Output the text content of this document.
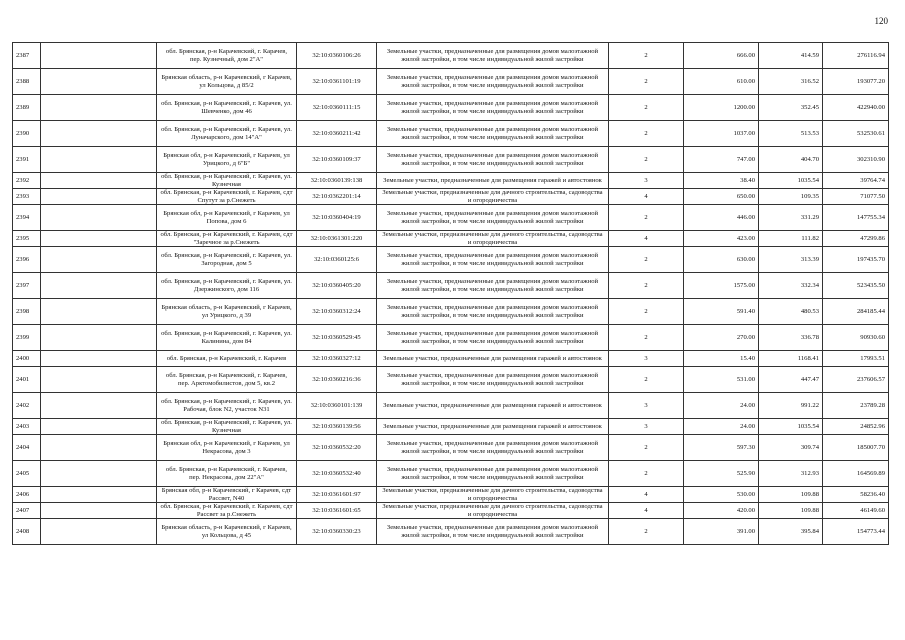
120
2387		обл. Брянская, р-н Карачевский, г. Карачев, пер. Кузнечный, дом 2"А"	32:10:0360106:26	Земельные участки, предназначенные для размещения домов малоэтажной жилой застройки, в том числе индивидуальной жилой застройки	2	666.00	414.59	276116.94
2388		Брянская область, р-н Карачевский, г Карачев, ул Кольцова, д 85/2	32:10:0361101:19	Земельные участки, предназначенные для размещения домов малоэтажной жилой застройки, в том числе индивидуальной жилой застройки	2	610.00	316.52	193077.20
2389		обл. Брянская, р-н Карачевский, г. Карачев, ул. Шевченко, дом 46	32:10:0360111:15	Земельные участки, предназначенные для размещения домов малоэтажной жилой застройки, в том числе индивидуальной жилой застройки	2	1200.00	352.45	422940.00
2390		обл. Брянская, р-н Карачевский, г. Карачев, ул. Луначарского, дом 14"А"	32:10:0360211:42	Земельные участки, предназначенные для размещения домов малоэтажной жилой застройки, в том числе индивидуальной жилой застройки	2	1037.00	513.53	532530.61
2391		Брянская обл, р-н Карачевский, г Карачев, ул Урицкого, д 6"Б"	32:10:0360109:37	Земельные участки, предназначенные для размещения домов малоэтажной жилой застройки, в том числе индивидуальной жилой застройки	2	747.00	404.70	302310.90
2392		обл. Брянская, р-н Карачевский, г. Карачев, ул. Кузнечная	32:10:0360139:138	Земельные участки, предназначенные для размещения гаражей и автостоянок	3	38.40	1035.54	39764.74
2393		обл. Брянская, р-н Карачевский, г. Карачев, сдт Спутут за р.Снежеть	32:10:0362201:14	Земельные участки, предназначенные для дачного строительства, садоводства и огородничества	4	650.00	109.35	71077.50
2394		Брянская обл, р-н Карачевский, г Карачев, ул Попова, дом 6	32:10:0360404:19	Земельные участки, предназначенные для размещения домов малоэтажной жилой застройки, в том числе индивидуальной жилой застройки	2	446.00	331.29	147755.34
2395		обл. Брянская, р-н Карачевский, г. Карачев, сдт "Заречное за р.Снежеть	32:10:0361301:220	Земельные участки, предназначенные для дачного строительства, садоводства и огородничества	4	423.00	111.82	47299.86
2396		обл. Брянская, р-н Карачевский, г. Карачев, ул. Загородная, дом 5	32:10:0360125:6	Земельные участки, предназначенные для размещения домов малоэтажной жилой застройки, в том числе индивидуальной жилой застройки	2	630.00	313.39	197435.70
2397		обл. Брянская, р-н Карачевский, г. Карачев, ул. Дзержинского, дом 116	32:10:0360405:20	Земельные участки, предназначенные для размещения домов малоэтажной жилой застройки, в том числе индивидуальной жилой застройки	2	1575.00	332.34	523435.50
2398		Брянская область, р-н Карачевский, г Карачев, ул Урицкого, д 39	32:10:0360312:24	Земельные участки, предназначенные для размещения домов малоэтажной жилой застройки, в том числе индивидуальной жилой застройки	2	591.40	480.53	284185.44
2399		обл. Брянская, р-н Карачевский, г. Карачев, ул. Калинина, дом 84	32:10:0360529:45	Земельные участки, предназначенные для размещения домов малоэтажной жилой застройки, в том числе индивидуальной жилой застройки	2	270.00	336.78	90930.60
2400		обл. Брянская, р-н Карачевский, г. Карачев	32:10:0360327:12	Земельные участки, предназначенные для размещения гаражей и автостоянок	3	15.40	1168.41	17993.51
2401		обл. Брянская, р-н Карачевский, г. Карачев, пер. Арктомобилистов, дом 5, кв.2	32:10:0360216:36	Земельные участки, предназначенные для размещения домов малоэтажной жилой застройки, в том числе индивидуальной жилой застройки	2	531.00	447.47	237606.57
2402		обл. Брянская, р-н Карачевский, г. Карачев, ул. Рабочая, блок N2, участок N31	32:10:0360101:139	Земельные участки, предназначенные для размещения гаражей и автостоянок	3	24.00	991.22	23789.28
2403		обл. Брянская, р-н Карачевский, г. Карачев, ул. Кузнечная	32:10:0360139:56	Земельные участки, предназначенные для размещения гаражей и автостоянок	3	24.00	1035.54	24852.96
2404		Брянская обл, р-н Карачевский, г Карачев, ул Некрасова, дом 3	32:10:0360532:20	Земельные участки, предназначенные для размещения домов малоэтажной жилой застройки, в том числе индивидуальной жилой застройки	2	597.30	309.74	185007.70
2405		обл. Брянская, р-н Карачевский, г. Карачев, пер. Некрасова, дом 22"А"	32:10:0360532:40	Земельные участки, предназначенные для размещения домов малоэтажной жилой застройки, в том числе индивидуальной жилой застройки	2	525.90	312.93	164569.89
2406		Брянская обл, р-н Карачевский, г Карачев, сдт Рассвет, N40	32:10:0361601:97	Земельные участки, предназначенные для дачного строительства, садоводства и огородничества	4	530.00	109.88	58236.40
2407		обл. Брянская, р-н Карачевский, г. Карачев, сдт Рассвет за р.Снежеть	32:10:0361601:65	Земельные участки, предназначенные для дачного строительства, садоводства и огородничества	4	420.00	109.88	46149.60
2408		Брянская область, р-н Карачевский, г Карачев, ул Кольцова, д 45	32:10:0360330:23	Земельные участки, предназначенные для размещения домов малоэтажной жилой застройки, в том числе индивидуальной жилой застройки	2	391.00	395.84	154773.44
